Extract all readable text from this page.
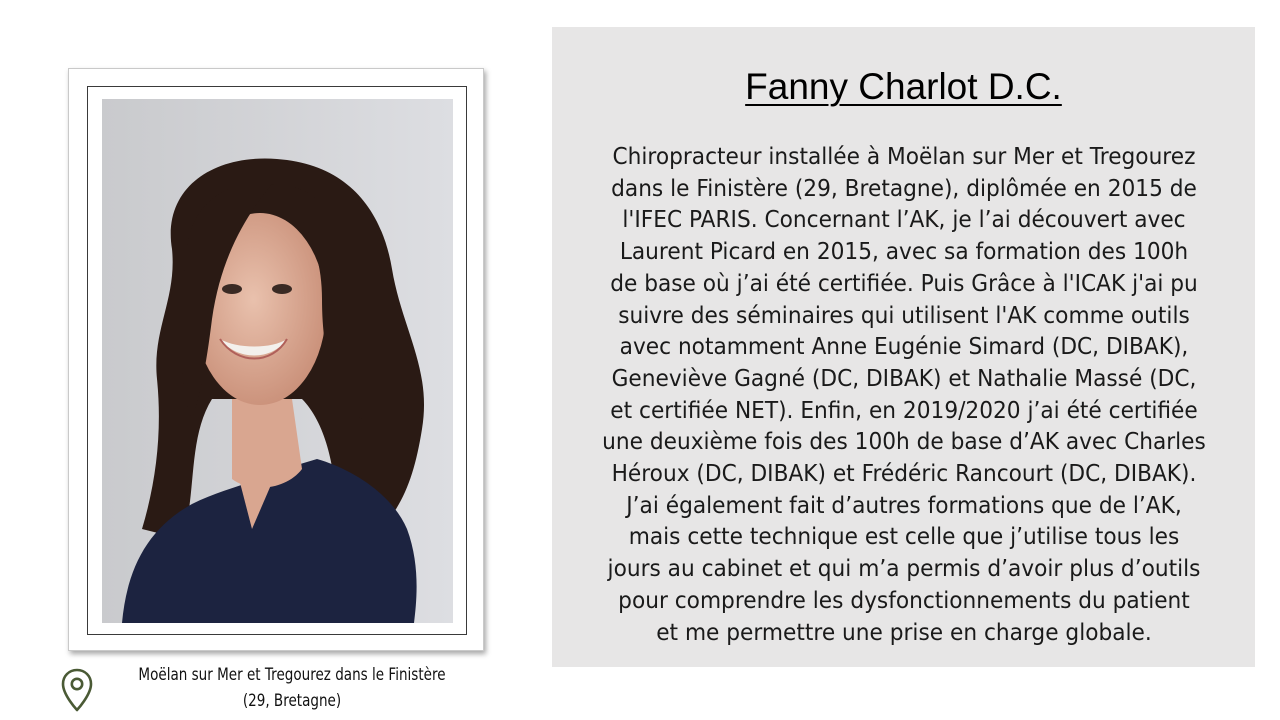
Moëlan sur Mer et Tregourez dans le Finistère
(29, Bretagne)
Fanny Charlot D.C.
Chiropracteur installée à Moëlan sur Mer et Tregourez
dans le Finistère (29, Bretagne), diplômée en 2015 de
l'IFEC PARIS. Concernant l’AK, je l’ai découvert avec
Laurent Picard en 2015, avec sa formation des 100h
de base où j’ai été certifiée. Puis Grâce à l'ICAK j'ai pu
suivre des séminaires qui utilisent l'AK comme outils
avec notamment Anne Eugénie Simard (DC, DIBAK),
Geneviève Gagné (DC, DIBAK) et Nathalie Massé (DC,
et certifiée NET). Enfin, en 2019/2020 j’ai été certifiée
une deuxième fois des 100h de base d’AK avec Charles
Héroux (DC, DIBAK) et Frédéric Rancourt (DC, DIBAK).
J’ai également fait d’autres formations que de l’AK,
mais cette technique est celle que j’utilise tous les
jours au cabinet et qui m’a permis d’avoir plus d’outils
pour comprendre les dysfonctionnements du patient
et me permettre une prise en charge globale.
